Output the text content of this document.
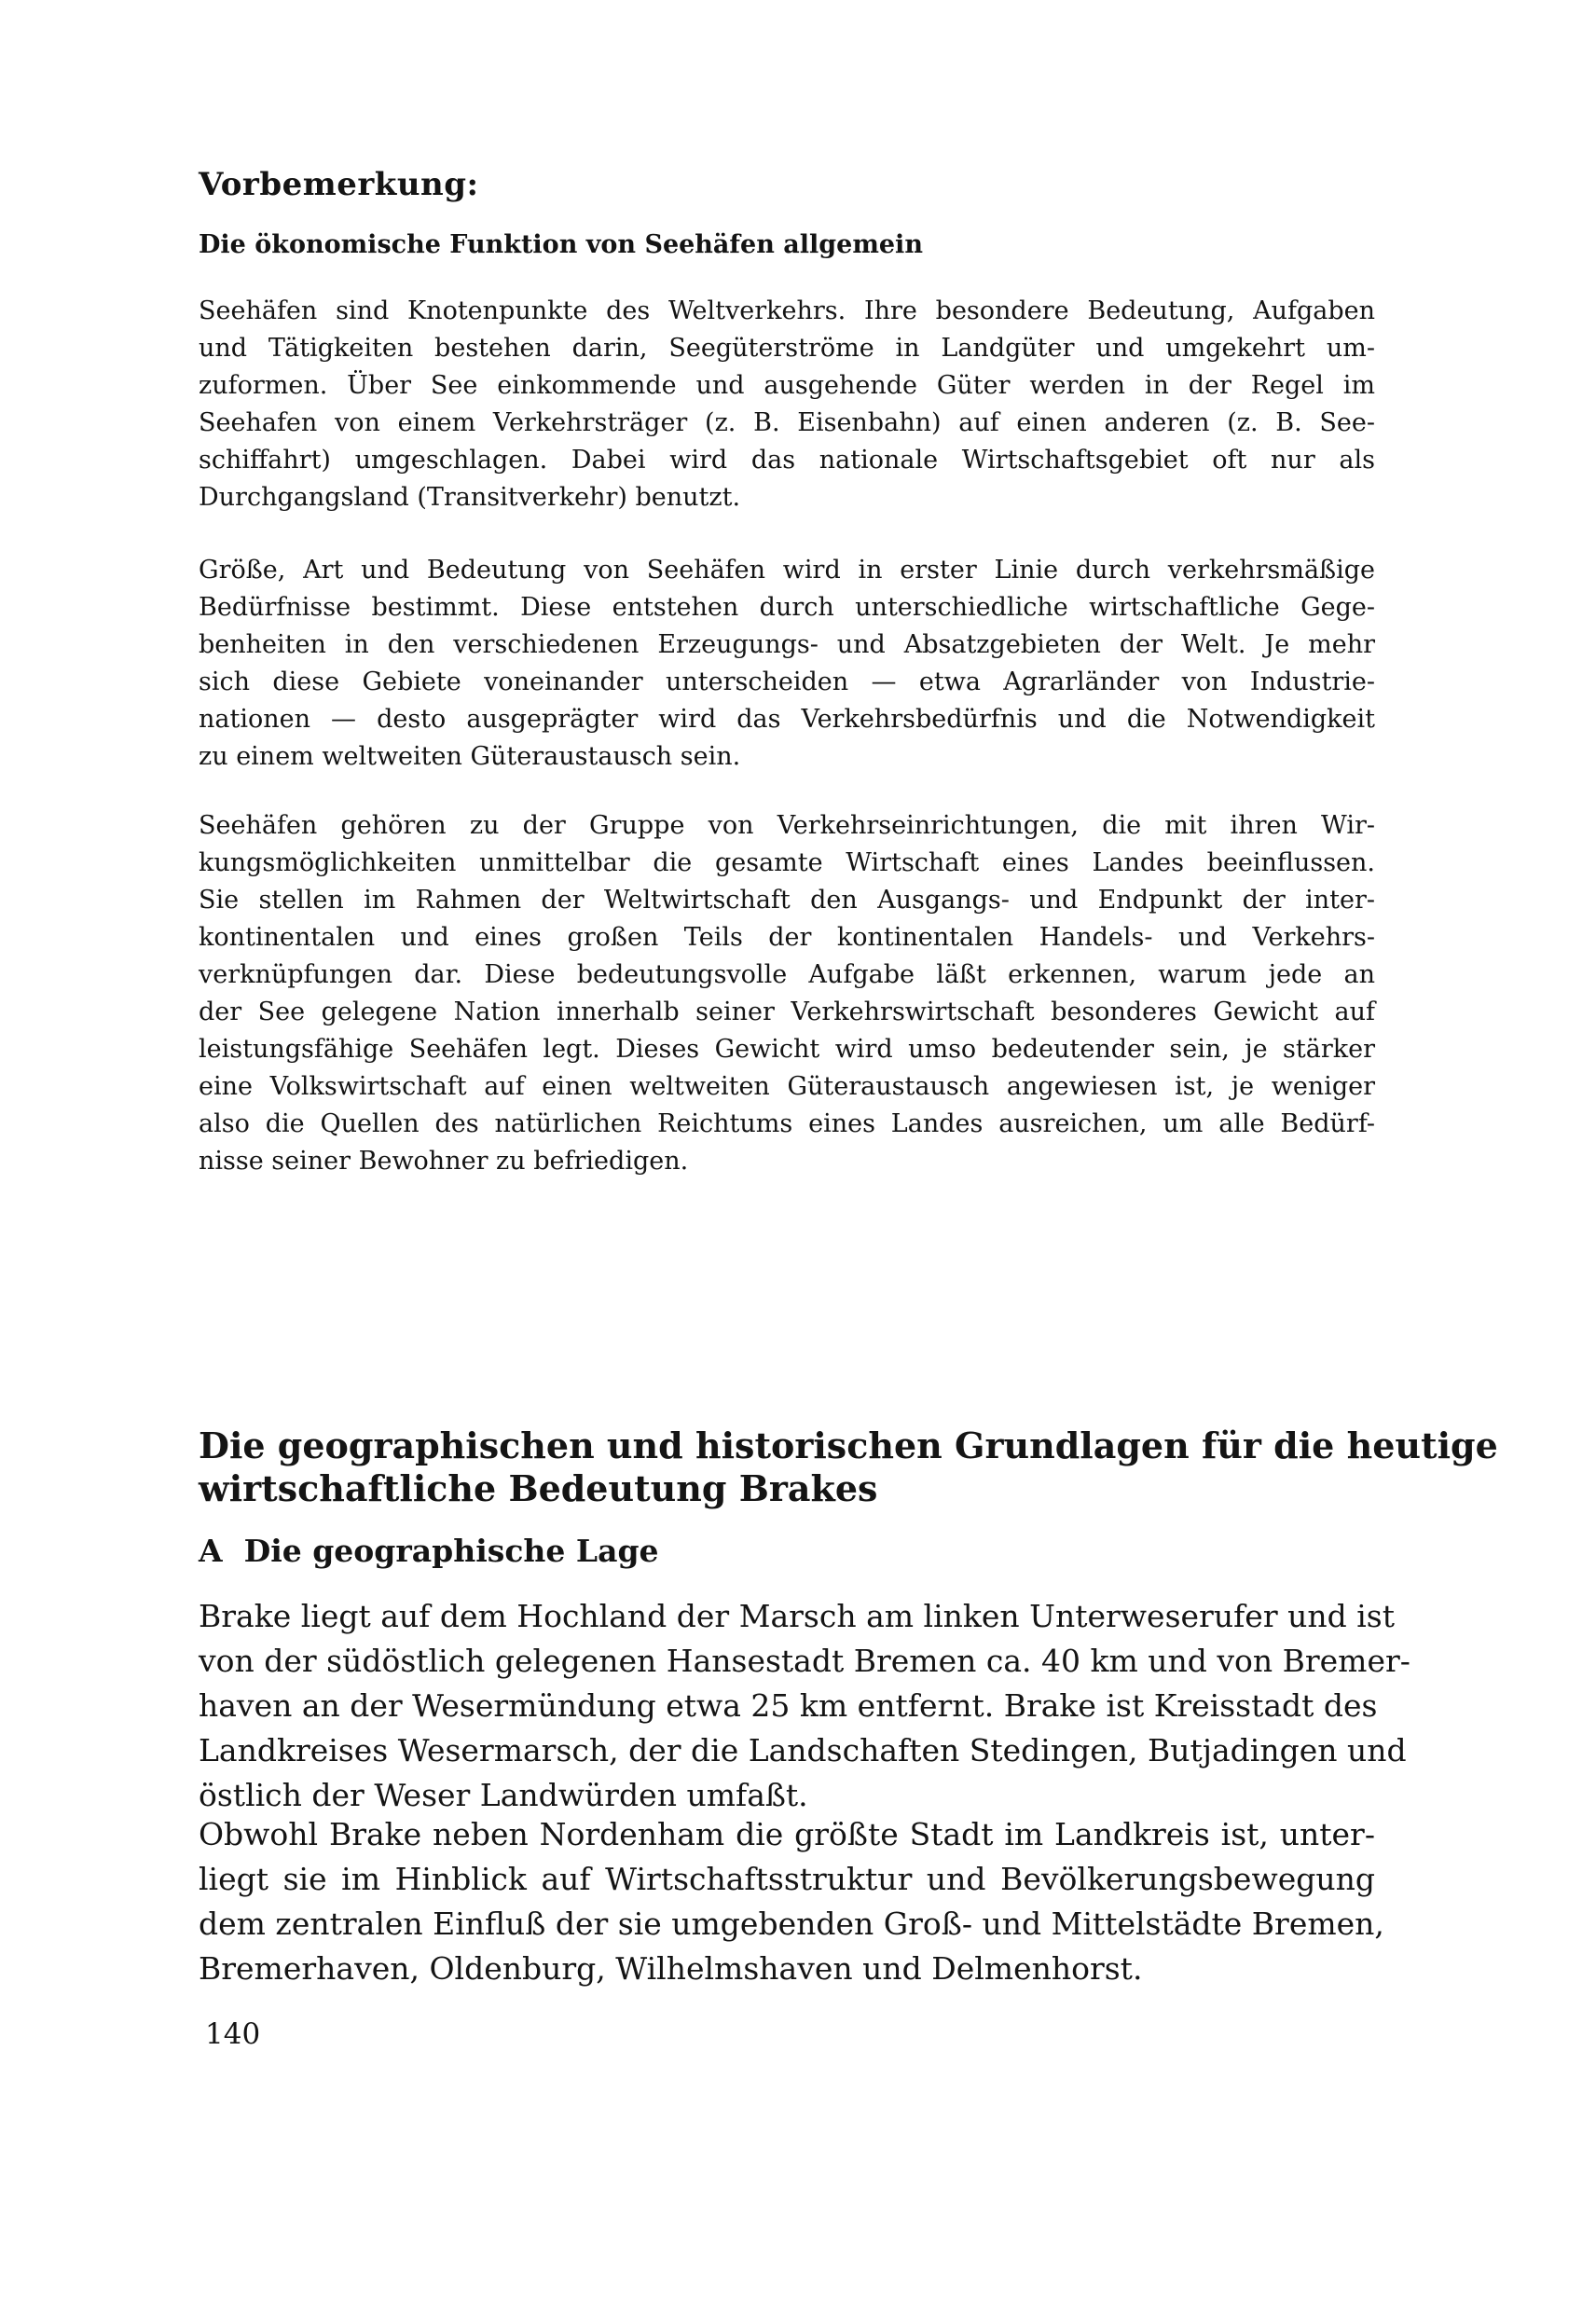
Vorbemerkung:
Die ökonomische Funktion von Seehäfen allgemein

Seehäfen sind Knotenpunkte des Weltverkehrs. Ihre besondere Bedeutung, Aufgaben
und Tätigkeiten bestehen darin, Seegüterströme in Landgüter und umgekehrt um-
zuformen. Über See einkommende und ausgehende Güter werden in der Regel im
Seehafen von einem Verkehrsträger (z. B. Eisenbahn) auf einen anderen (z. B. See-
schiffahrt) umgeschlagen. Dabei wird das nationale Wirtschaftsgebiet oft nur als
Durchgangsland (Transitverkehr) benutzt.

Größe, Art und Bedeutung von Seehäfen wird in erster Linie durch verkehrsmäßige
Bedürfnisse bestimmt. Diese entstehen durch unterschiedliche wirtschaftliche Gege-
benheiten in den verschiedenen Erzeugungs- und Absatzgebieten der Welt. Je mehr
sich diese Gebiete voneinander unterscheiden — etwa Agrarländer von Industrie-
nationen — desto ausgeprägter wird das Verkehrsbedürfnis und die Notwendigkeit
zu einem weltweiten Güteraustausch sein.

Seehäfen gehören zu der Gruppe von Verkehrseinrichtungen, die mit ihren Wir-
kungsmöglichkeiten unmittelbar die gesamte Wirtschaft eines Landes beeinflussen.
Sie stellen im Rahmen der Weltwirtschaft den Ausgangs- und Endpunkt der inter-
kontinentalen und eines großen Teils der kontinentalen Handels- und Verkehrs-
verknüpfungen dar. Diese bedeutungsvolle Aufgabe läßt erkennen, warum jede an
der See gelegene Nation innerhalb seiner Verkehrswirtschaft besonderes Gewicht auf
leistungsfähige Seehäfen legt. Dieses Gewicht wird umso bedeutender sein, je stärker
eine Volkswirtschaft auf einen weltweiten Güteraustausch angewiesen ist, je weniger
also die Quellen des natürlichen Reichtums eines Landes ausreichen, um alle Bedürf-
nisse seiner Bewohner zu befriedigen.

Die geographischen und historischen Grundlagen für die heutige
wirtschaftliche Bedeutung Brakes
A  Die geographische Lage

Brake liegt auf dem Hochland der Marsch am linken Unterweserufer und ist
von der südöstlich gelegenen Hansestadt Bremen ca. 40 km und von Bremer-
haven an der Wesermündung etwa 25 km entfernt. Brake ist Kreisstadt des
Landkreises Wesermarsch, der die Landschaften Stedingen, Butjadingen und
östlich der Weser Landwürden umfaßt.

Obwohl Brake neben Nordenham die größte Stadt im Landkreis ist, unter-
liegt sie im Hinblick auf Wirtschaftsstruktur und Bevölkerungsbewegung
dem zentralen Einfluß der sie umgebenden Groß- und Mittelstädte Bremen,
Bremerhaven, Oldenburg, Wilhelmshaven und Delmenhorst.

140
